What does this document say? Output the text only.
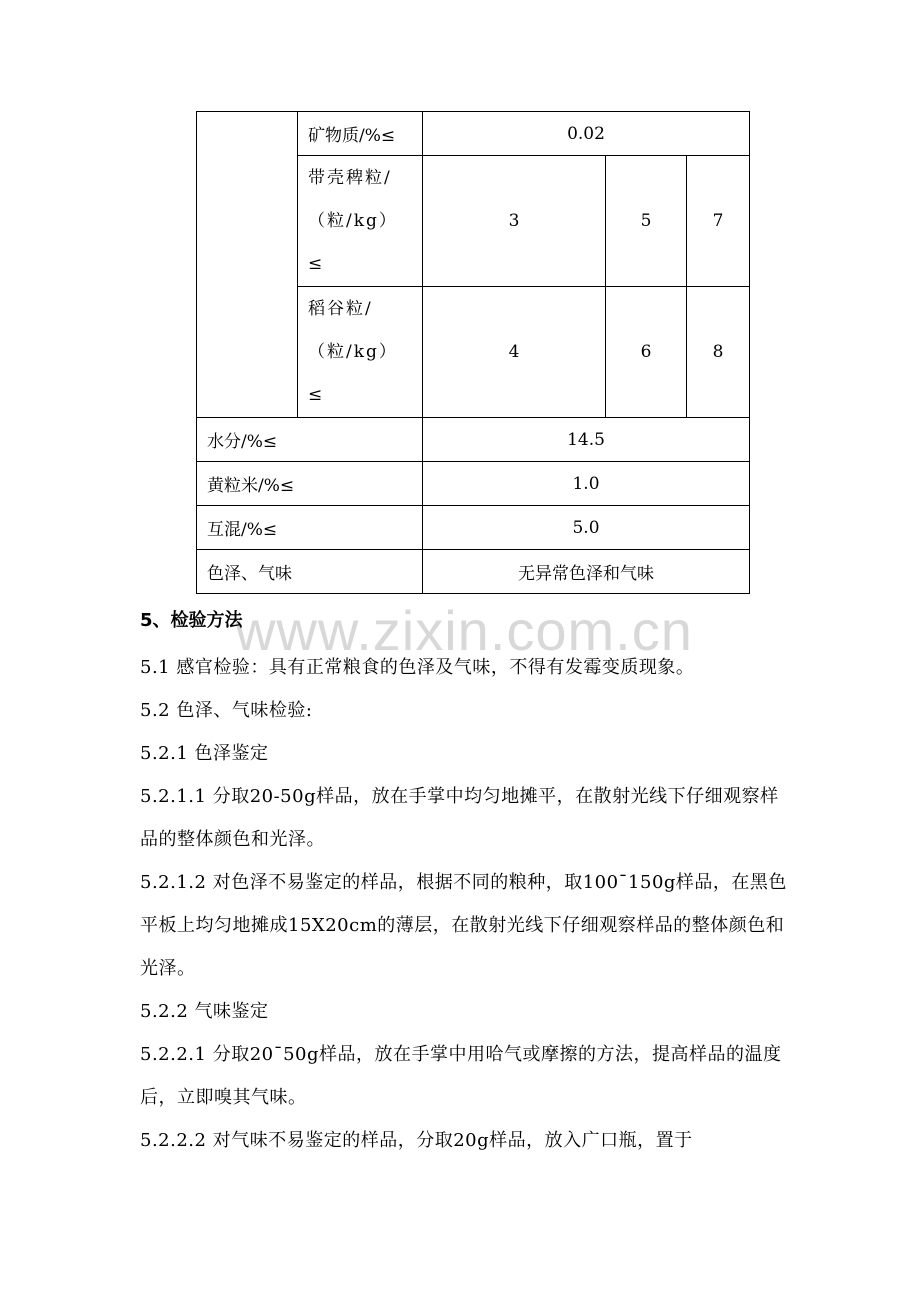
	矿物质/%≤	0.02		

	带壳稗粒/
（粒/kg）
≤	3	5	7

	稻谷粒/
（粒/kg）
≤	4	6	8
水分/%≤		14.5		
黄粒米/%≤		1.0		
互混/%≤		5.0		
色泽、气味		无异常色泽和气味		
www.zixin.com.cn
5、检验方法

5.1 感官检验：具有正常粮食的色泽及气味，不得有发霉变质现象。

5.2 色泽、气味检验:

5.2.1 色泽鉴定

5.2.1.1 分取20-50g样品，放在手掌中均匀地摊平，在散射光线下仔细观察样品的整体颜色和光泽。

5.2.1.2 对色泽不易鉴定的样品，根据不同的粮种，取100¯150g样品，在黑色平板上均匀地摊成15X20cm的薄层，在散射光线下仔细观察样品的整体颜色和光泽。

5.2.2 气味鉴定

5.2.2.1 分取20¯50g样品，放在手掌中用哈气或摩擦的方法，提高样品的温度后，立即嗅其气味。

5.2.2.2 对气味不易鉴定的样品，分取20g样品，放入广口瓶，置于
